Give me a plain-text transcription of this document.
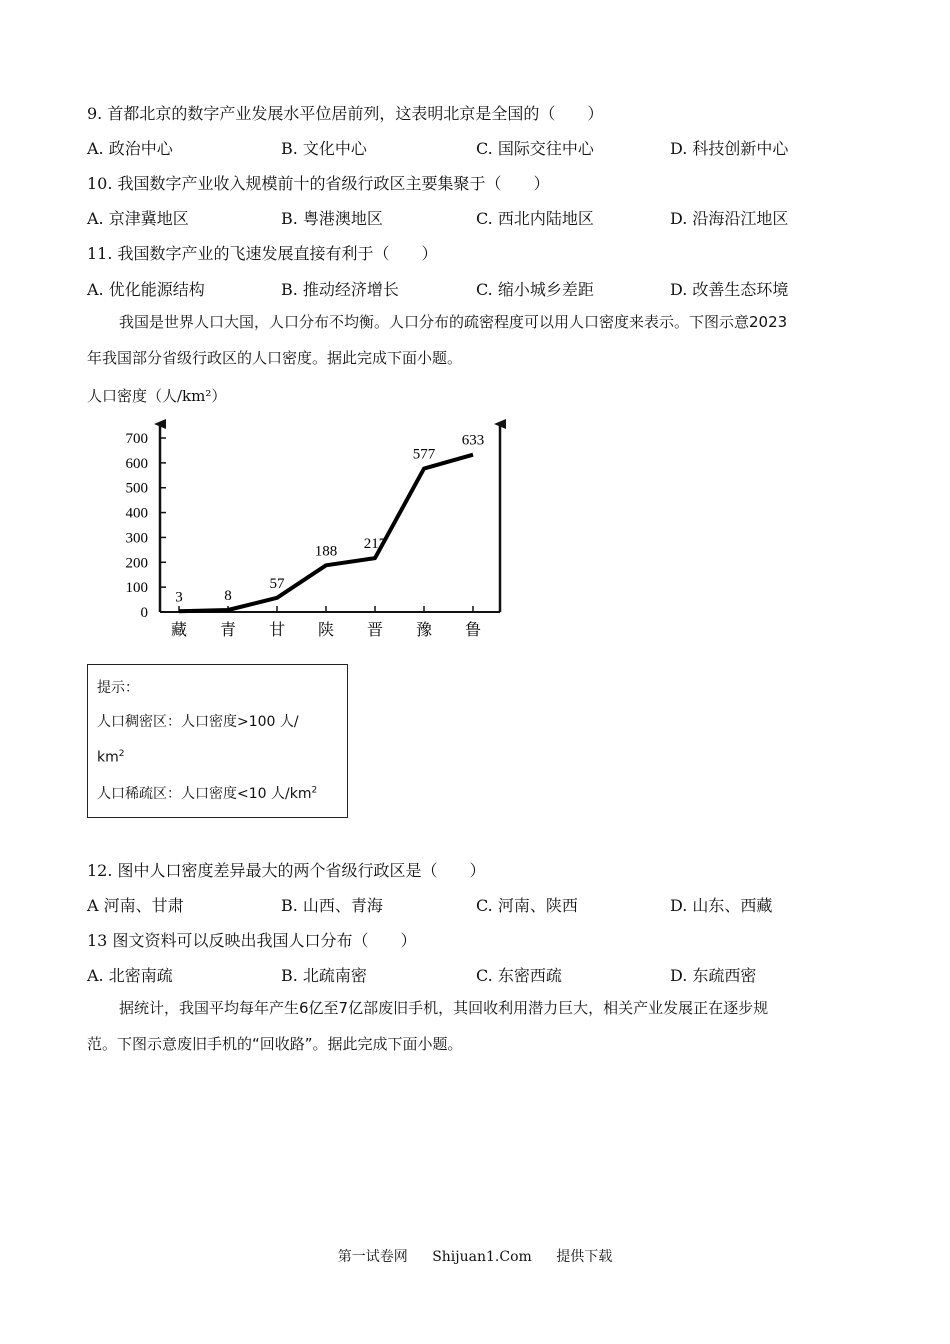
9. 首都北京的数字产业发展水平位居前列，这表明北京是全国的（　　）
A. 政治中心	B. 文化中心	C. 国际交往中心	D. 科技创新中心
10. 我国数字产业收入规模前十的省级行政区主要集聚于（　　）
A. 京津冀地区	B. 粤港澳地区	C. 西北内陆地区	D. 沿海沿江地区
11. 我国数字产业的飞速发展直接有利于（　　）
A. 优化能源结构	B. 推动经济增长	C. 缩小城乡差距	D. 改善生态环境

我国是世界人口大国，人口分布不均衡。人口分布的疏密程度可以用人口密度来表示。下图示意2023

年我国部分省级行政区的人口密度。据此完成下面小题。

人口密度（人/km²）
0
100
200
300
400
500
600
700
藏 青 甘 陕 晋 豫 鲁
3	8
57
188 217
577
633
提示：
人口稠密区：人口密度>100 人/
$km^2$
人口稀疏区：人口密度<10 人$/km^2$
12. 图中人口密度差异最大的两个省级行政区是（　　）
A 河南、甘肃	B. 山西、青海	C. 河南、陕西	D. 山东、西藏
13 图文资料可以反映出我国人口分布（　　）
A. 北密南疏	B. 北疏南密	C. 东密西疏	D. 东疏西密

据统计，我国平均每年产生6亿至7亿部废旧手机，其回收利用潜力巨大，相关产业发展正在逐步规

范。下图示意废旧手机的“回收路”。据此完成下面小题。

第一试卷网 Shijuan1.Com 提供下载
